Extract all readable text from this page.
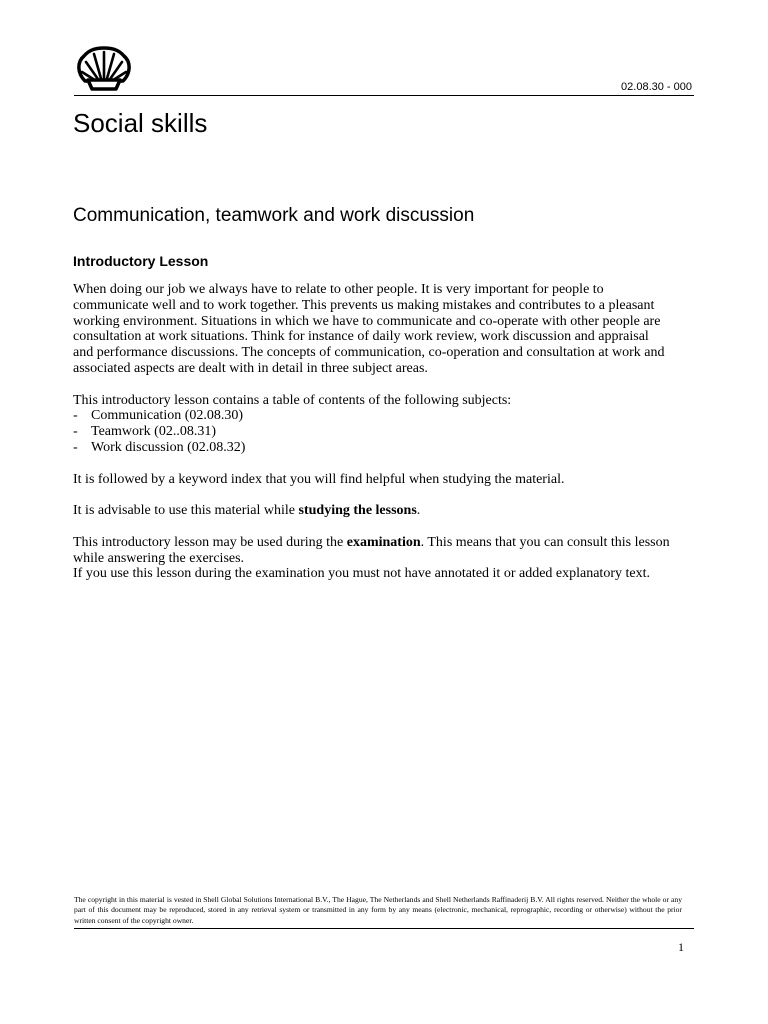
02.08.30 - 000
Social skills
Communication, teamwork and work discussion
Introductory Lesson

When doing our job we always have to relate to other people. It is very important for people to
communicate well and to work together. This prevents us making mistakes and contributes to a pleasant
working environment. Situations in which we have to communicate and co-operate with other people are
consultation at work situations. Think for instance of daily work review, work discussion and appraisal
and performance discussions. The concepts of communication, co-operation and consultation at work and
associated aspects are dealt with in detail in three subject areas.

This introductory lesson contains a table of contents of the following subjects:

- Communication (02.08.30)
- Teamwork (02..08.31)
- Work discussion (02.08.32)

It is followed by a keyword index that you will find helpful when studying the material.

It is advisable to use this material while studying the lessons.

This introductory lesson may be used during the examination. This means that you can consult this lesson
while answering the exercises.
If you use this lesson during the examination you must not have annotated it or added explanatory text.

The copyright in this material is vested in Shell Global Solutions International B.V., The Hague, The Netherlands and Shell Netherlands Raffinaderij B.V. All rights reserved. Neither the whole or any part of this document may be reproduced, stored in any retrieval system or transmitted in any form by any means (electronic, mechanical, reprographic, recording or otherwise) without the prior written consent of the copyright owner.
1
